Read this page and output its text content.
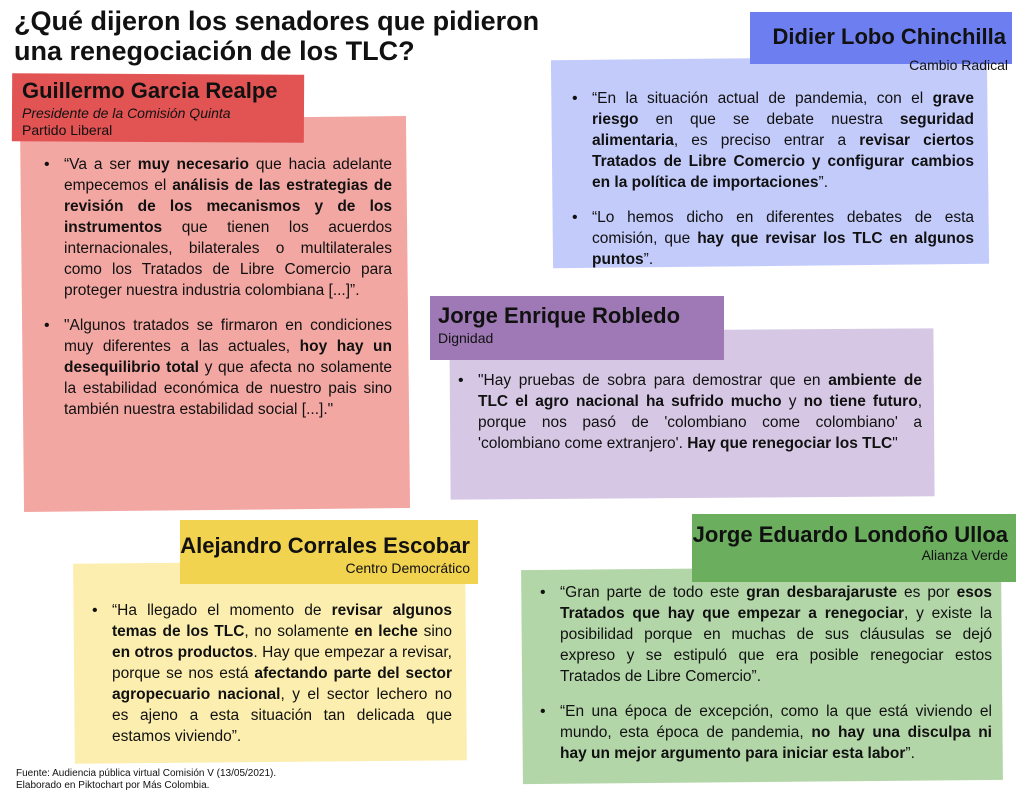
¿Qué dijeron los senadores que pidieron una renegociación de los TLC?
• “Va a ser muy necesario que hacia adelante empecemos el análisis de las estrategias de revisión de los mecanismos y de los instrumentos que tienen los acuerdos internacionales, bilaterales o multilaterales como los Tratados de Libre Comercio para proteger nuestra industria colombiana [...]”.
• "Algunos tratados se firmaron en condiciones muy diferentes a las actuales, hoy hay un desequilibrio total y que afecta no solamente la estabilidad económica de nuestro pais sino también nuestra estabilidad social [...]."
Guillermo Garcia Realpe
Presidente de la Comisión Quinta
Partido Liberal
• “En la situación actual de pandemia, con el grave riesgo en que se debate nuestra seguridad alimentaria, es preciso entrar a revisar ciertos Tratados de Libre Comercio y configurar cambios en la política de importaciones”.
• “Lo hemos dicho en diferentes debates de esta comisión, que hay que revisar los TLC en algunos puntos”.
Didier Lobo Chinchilla
Cambio Radical
• "Hay pruebas de sobra para demostrar que en ambiente de TLC el agro nacional ha sufrido mucho y no tiene futuro, porque nos pasó de 'colombiano come colombiano' a 'colombiano come extranjero'. Hay que renegociar los TLC"
Jorge Enrique Robledo
Dignidad
• “Ha llegado el momento de revisar algunos temas de los TLC, no solamente en leche sino en otros productos. Hay que empezar a revisar, porque se nos está afectando parte del sector agropecuario nacional, y el sector lechero no es ajeno a esta situación tan delicada que estamos viviendo”.
Alejandro Corrales Escobar
Centro Democrático
• “Gran parte de todo este gran desbarajaruste es por esos Tratados que hay que empezar a renegociar, y existe la posibilidad porque en muchas de sus cláusulas se dejó expreso y se estipuló que era posible renegociar estos Tratados de Libre Comercio”.
• “En una época de excepción, como la que está viviendo el mundo, esta época de pandemia, no hay una disculpa ni hay un mejor argumento para iniciar esta labor”.
Jorge Eduardo Londoño Ulloa
Alianza Verde
Fuente: Audiencia pública virtual Comisión V (13/05/2021).
Elaborado en Piktochart por Más Colombia.
